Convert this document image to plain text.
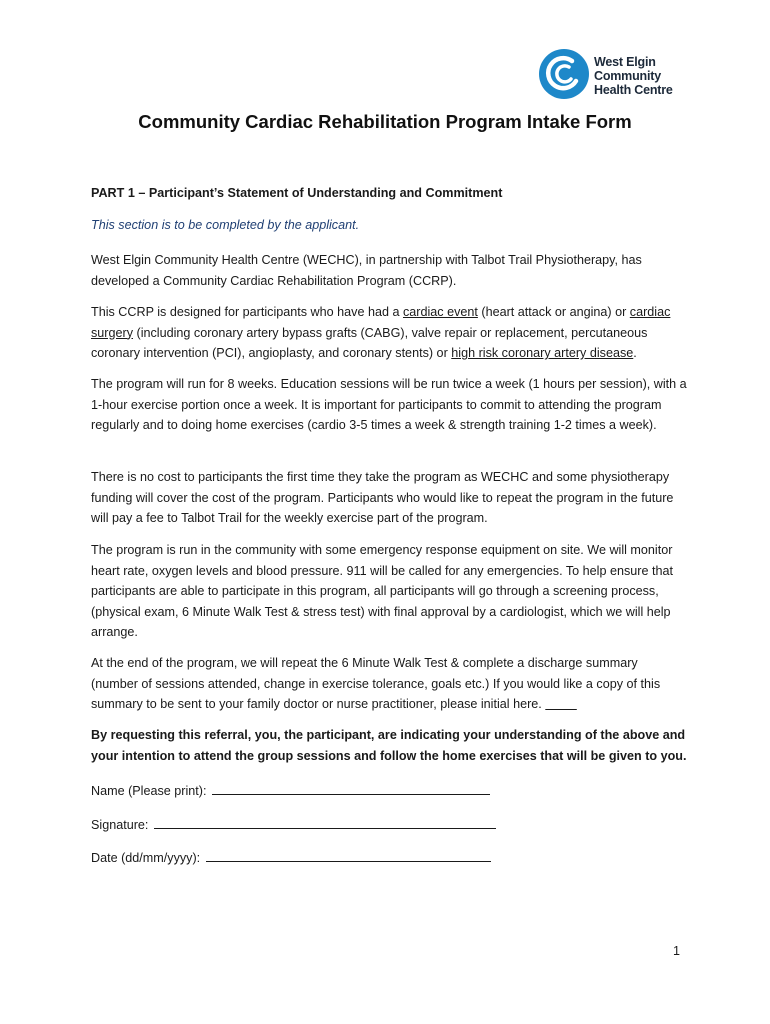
West Elgin
Community
Health Centre
Community Cardiac Rehabilitation Program Intake Form

PART 1 – Participant’s Statement of Understanding and Commitment

This section is to be completed by the applicant.

West Elgin Community Health Centre (WECHC), in partnership with Talbot Trail Physiotherapy, has developed a Community Cardiac Rehabilitation Program (CCRP).

This CCRP is designed for participants who have had a cardiac event (heart attack or angina) or cardiac surgery (including coronary artery bypass grafts (CABG), valve repair or replacement, percutaneous coronary intervention (PCI), angioplasty, and coronary stents) or high risk coronary artery disease.

The program will run for 8 weeks. Education sessions will be run twice a week (1 hours per session), with a 1-hour exercise portion once a week. It is important for participants to commit to attending the program regularly and to doing home exercises (cardio 3-5 times a week & strength training 1-2 times a week).

There is no cost to participants the first time they take the program as WECHC and some physiotherapy funding will cover the cost of the program. Participants who would like to repeat the program in the future will pay a fee to Talbot Trail for the weekly exercise part of the program.

The program is run in the community with some emergency response equipment on site. We will monitor heart rate, oxygen levels and blood pressure. 911 will be called for any emergencies. To help ensure that participants are able to participate in this program, all participants will go through a screening process, (physical exam, 6 Minute Walk Test & stress test) with final approval by a cardiologist, which we will help arrange.

At the end of the program, we will repeat the 6 Minute Walk Test & complete a discharge summary (number of sessions attended, change in exercise tolerance, goals etc.) If you would like a copy of this summary to be sent to your family doctor or nurse practitioner, please initial here.

By requesting this referral, you, the participant, are indicating your understanding of the above and your intention to attend the group sessions and follow the home exercises that will be given to you.

Name (Please print):
Signature:
Date (dd/mm/yyyy):
1
